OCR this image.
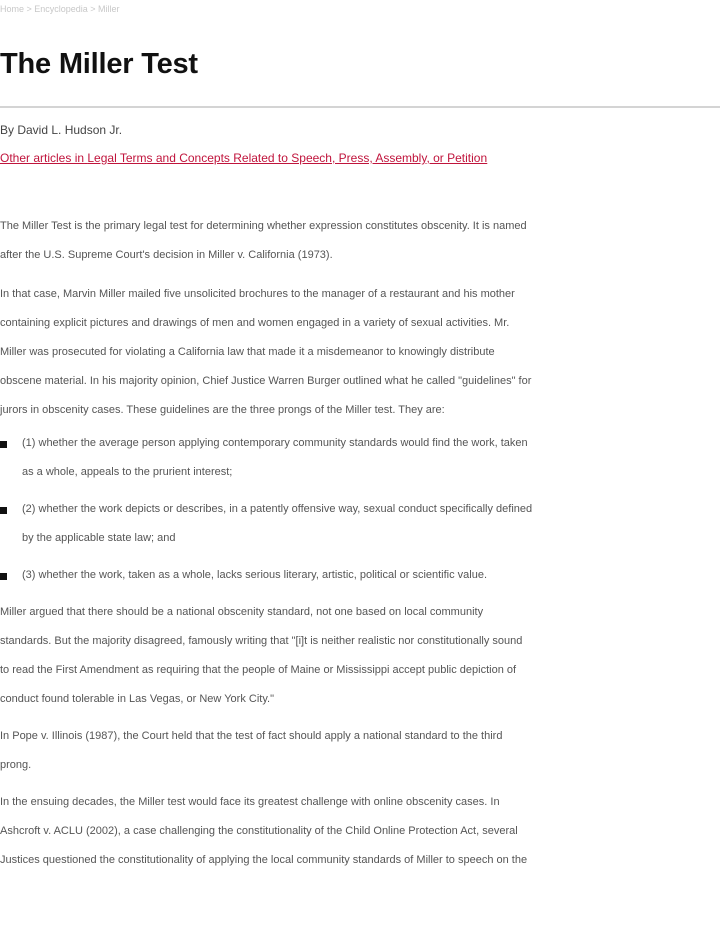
Home > Encyclopedia > Miller
The Miller Test
By David L. Hudson Jr.
Other articles in Legal Terms and Concepts Related to Speech, Press, Assembly, or Petition

The Miller Test is the primary legal test for determining whether expression constitutes obscenity. It is named

after the U.S. Supreme Court's decision in Miller v. California (1973).

In that case, Marvin Miller mailed five unsolicited brochures to the manager of a restaurant and his mother

containing explicit pictures and drawings of men and women engaged in a variety of sexual activities. Mr.

Miller was prosecuted for violating a California law that made it a misdemeanor to knowingly distribute

obscene material. In his majority opinion, Chief Justice Warren Burger outlined what he called "guidelines" for

jurors in obscenity cases. These guidelines are the three prongs of the Miller test. They are:

(1) whether the average person applying contemporary community standards would find the work, taken
as a whole, appeals to the prurient interest;
(2) whether the work depicts or describes, in a patently offensive way, sexual conduct specifically defined
by the applicable state law; and
(3) whether the work, taken as a whole, lacks serious literary, artistic, political or scientific value.

Miller argued that there should be a national obscenity standard, not one based on local community

standards. But the majority disagreed, famously writing that "[i]t is neither realistic nor constitutionally sound

to read the First Amendment as requiring that the people of Maine or Mississippi accept public depiction of

conduct found tolerable in Las Vegas, or New York City."

In Pope v. Illinois (1987), the Court held that the test of fact should apply a national standard to the third

prong.

In the ensuing decades, the Miller test would face its greatest challenge with online obscenity cases. In

Ashcroft v. ACLU (2002), a case challenging the constitutionality of the Child Online Protection Act, several

Justices questioned the constitutionality of applying the local community standards of Miller to speech on the
